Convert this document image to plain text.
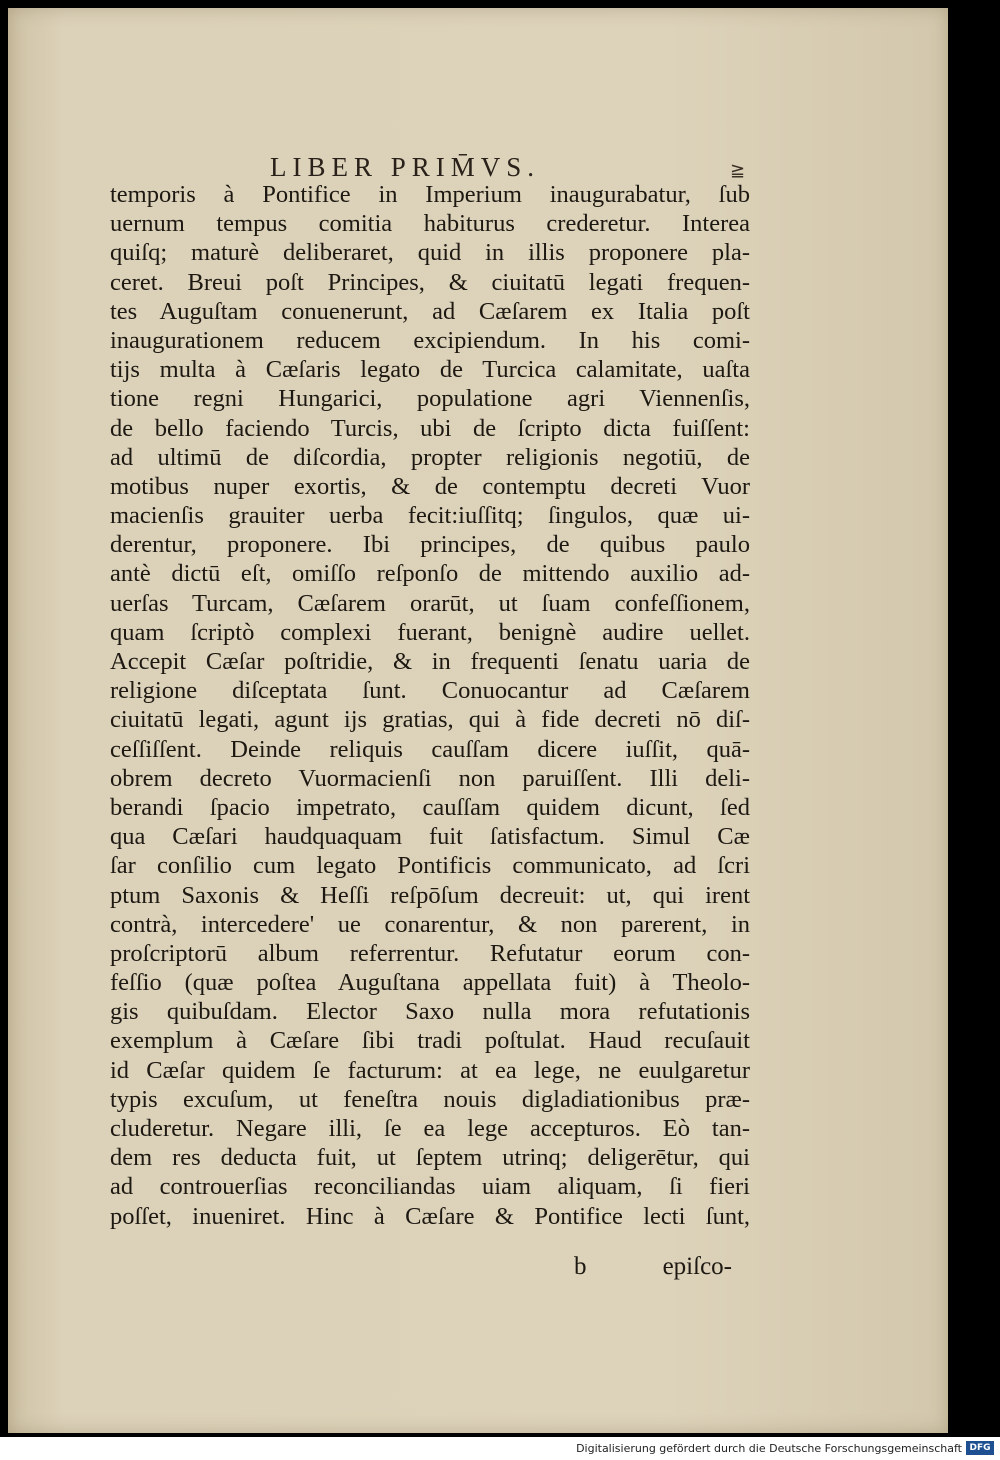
LIBER PRIM̄VS.	≧
temporis à Pontifice in Imperium inaugurabatur, ſub
uernum tempus comitia habiturus crederetur. Interea
quiſq; maturè deliberaret, quid in illis proponere pla-
ceret. Breui poſt Principes, & ciuitatū legati frequen-
tes Auguſtam conuenerunt, ad Cæſarem ex Italia poſt
inaugurationem reducem excipiendum. In his comi-
tijs multa à Cæſaris legato de Turcica calamitate, uaſta
tione regni Hungarici, populatione agri Viennenſis,
de bello faciendo Turcis, ubi de ſcripto dicta fuiſſent:
ad ultimū de diſcordia, propter religionis negotiū, de
motibus nuper exortis, & de contemptu decreti Vuor
macienſis grauiter uerba fecit:iuſſitq; ſingulos, quæ ui-
derentur, proponere. Ibi principes, de quibus paulo
antè dictū eſt, omiſſo reſponſo de mittendo auxilio ad-
uerſas Turcam, Cæſarem orarūt, ut ſuam confeſſionem,
quam ſcriptò complexi fuerant, benignè audire uellet.
Accepit Cæſar poſtridie, & in frequenti ſenatu uaria de
religione diſceptata ſunt. Conuocantur ad Cæſarem
ciuitatū legati, agunt ijs gratias, qui à fide decreti nō diſ-
ceſſiſſent. Deinde reliquis cauſſam dicere iuſſit, quā-
obrem decreto Vuormacienſi non paruiſſent. Illi deli-
berandi ſpacio impetrato, cauſſam quidem dicunt, ſed
qua Cæſari haudquaquam fuit ſatisfactum. Simul Cæ
ſar conſilio cum legato Pontificis communicato, ad ſcri
ptum Saxonis & Heſſi reſpōſum decreuit: ut, qui irent
contrà, intercedere' ue conarentur, & non parerent, in
proſcriptorū album referrentur. Refutatur eorum con-
feſſio (quæ poſtea Auguſtana appellata fuit) à Theolo-
gis quibuſdam. Elector Saxo nulla mora refutationis
exemplum à Cæſare ſibi tradi poſtulat. Haud recuſauit
id Cæſar quidem ſe facturum: at ea lege, ne euulgaretur
typis excuſum, ut feneſtra nouis digladiationibus præ-
cluderetur. Negare illi, ſe ea lege accepturos. Eò tan-
dem res deducta fuit, ut ſeptem utrinq; deligerētur, qui
ad controuerſias reconciliandas uiam aliquam, ſi fieri
poſſet, inueniret. Hinc à Cæſare & Pontifice lecti ſunt,
b	epiſco-
Digitalisierung gefördert durch die Deutsche Forschungsgemeinschaft DFG
